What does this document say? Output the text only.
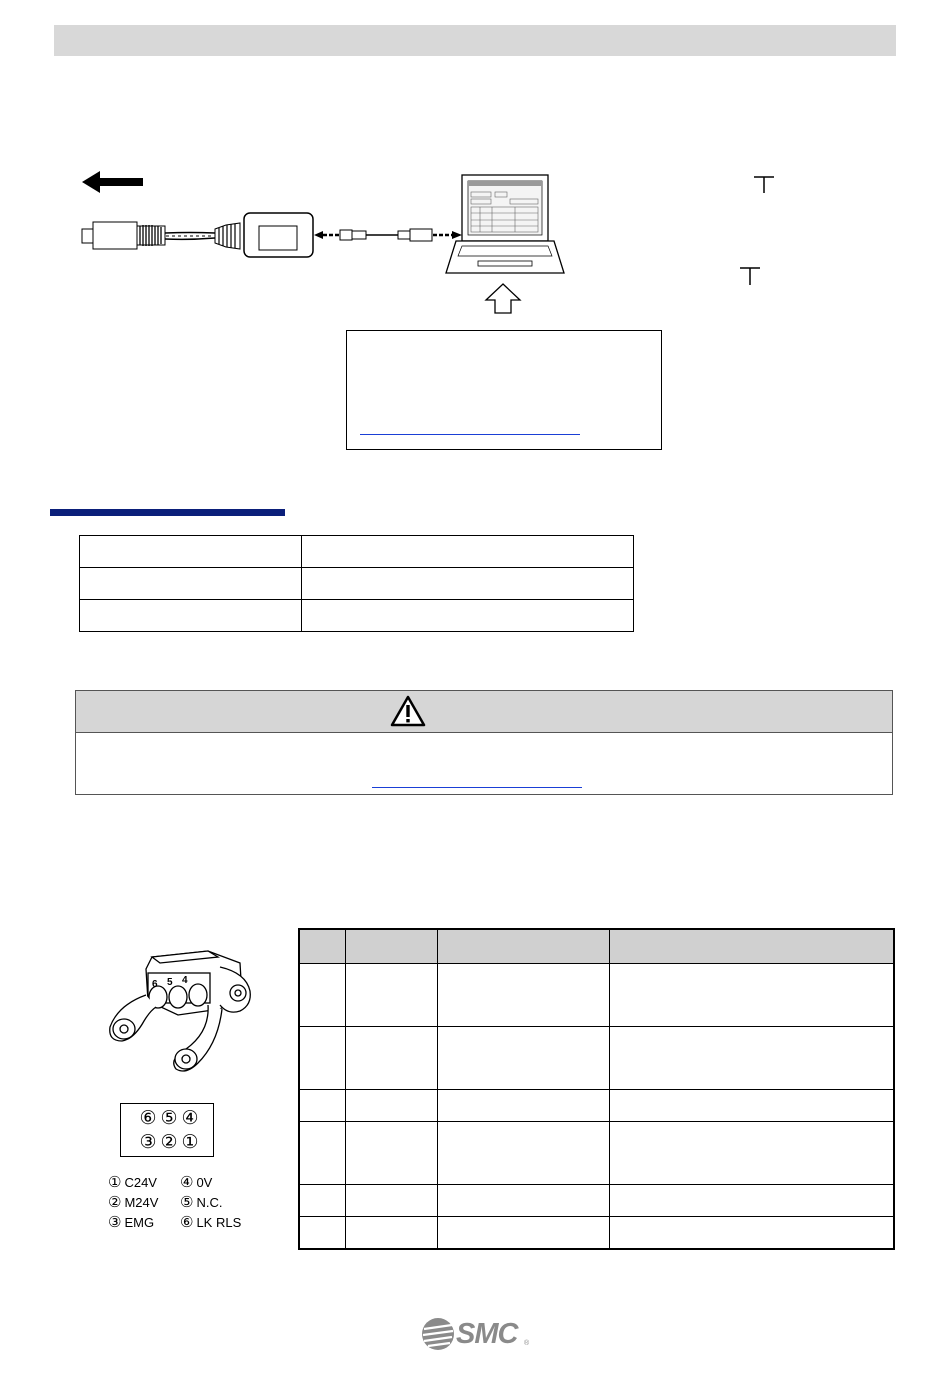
6 5 4
⑥ ⑤ ④
③ ② ①
① C24V	④ 0V
② M24V	⑤ N.C.
③ EMG	⑥ LK RLS

SMC ®
